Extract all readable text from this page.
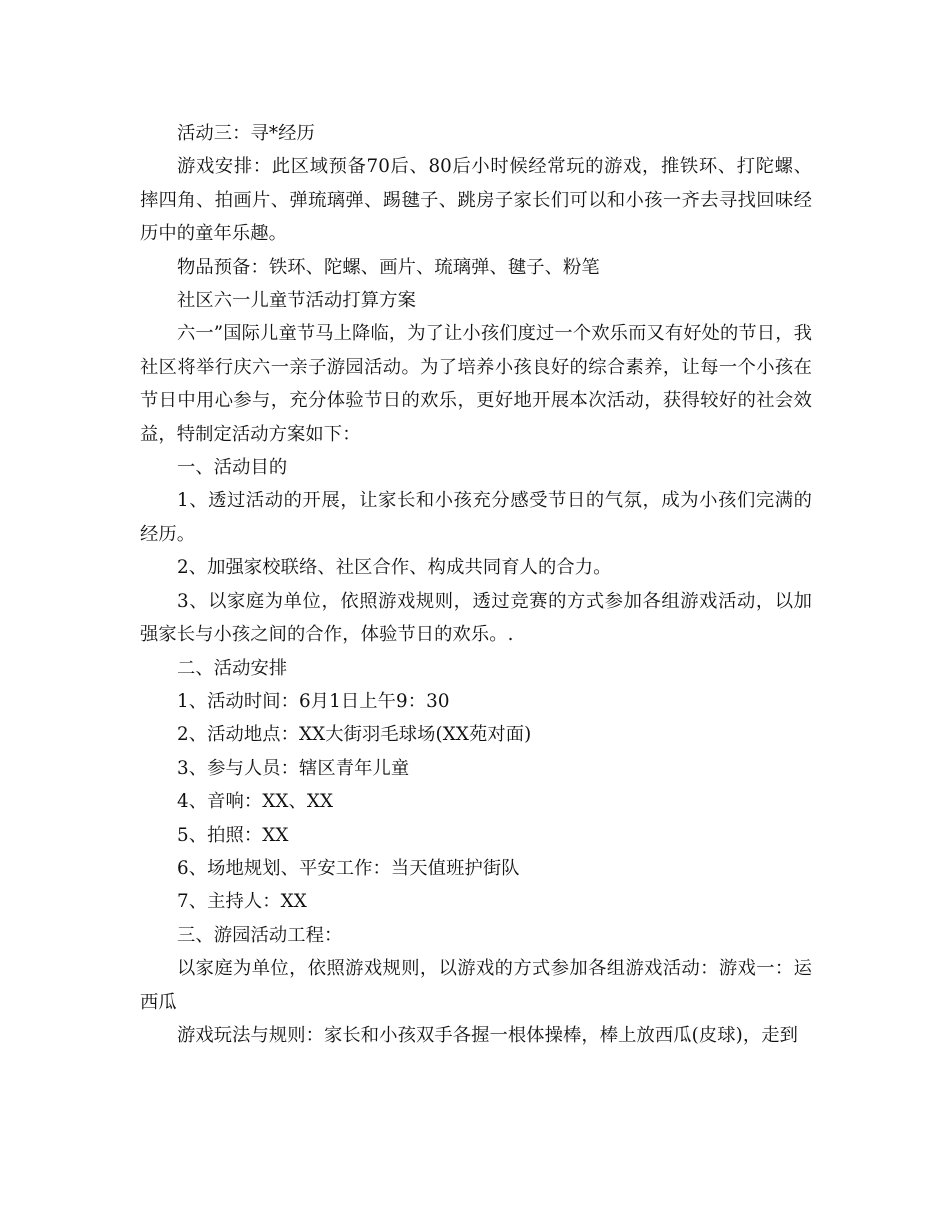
活动三：寻*经历

游戏安排：此区域预备70后、80后小时候经常玩的游戏，推铁环、打陀螺、摔四角、拍画片、弹琉璃弹、踢毽子、跳房子家长们可以和小孩一齐去寻找回味经历中的童年乐趣。

物品预备：铁环、陀螺、画片、琉璃弹、毽子、粉笔

社区六一儿童节活动打算方案

六一”国际儿童节马上降临，为了让小孩们度过一个欢乐而又有好处的节日，我社区将举行庆六一亲子游园活动。为了培养小孩良好的综合素养，让每一个小孩在节日中用心参与，充分体验节日的欢乐，更好地开展本次活动，获得较好的社会效益，特制定活动方案如下：

一、活动目的

1、透过活动的开展，让家长和小孩充分感受节日的气氛，成为小孩们完满的经历。

2、加强家校联络、社区合作、构成共同育人的合力。

3、以家庭为单位，依照游戏规则，透过竞赛的方式参加各组游戏活动，以加强家长与小孩之间的合作，体验节日的欢乐。.

二、活动安排

1、活动时间：6月1日上午9：30

2、活动地点：XX大街羽毛球场(XX苑对面)

3、参与人员：辖区青年儿童

4、音响：XX、XX

5、拍照：XX

6、场地规划、平安工作：当天值班护街队

7、主持人：XX

三、游园活动工程：

以家庭为单位，依照游戏规则，以游戏的方式参加各组游戏活动：游戏一：运西瓜

游戏玩法与规则：家长和小孩双手各握一根体操棒，棒上放西瓜(皮球)，走到
